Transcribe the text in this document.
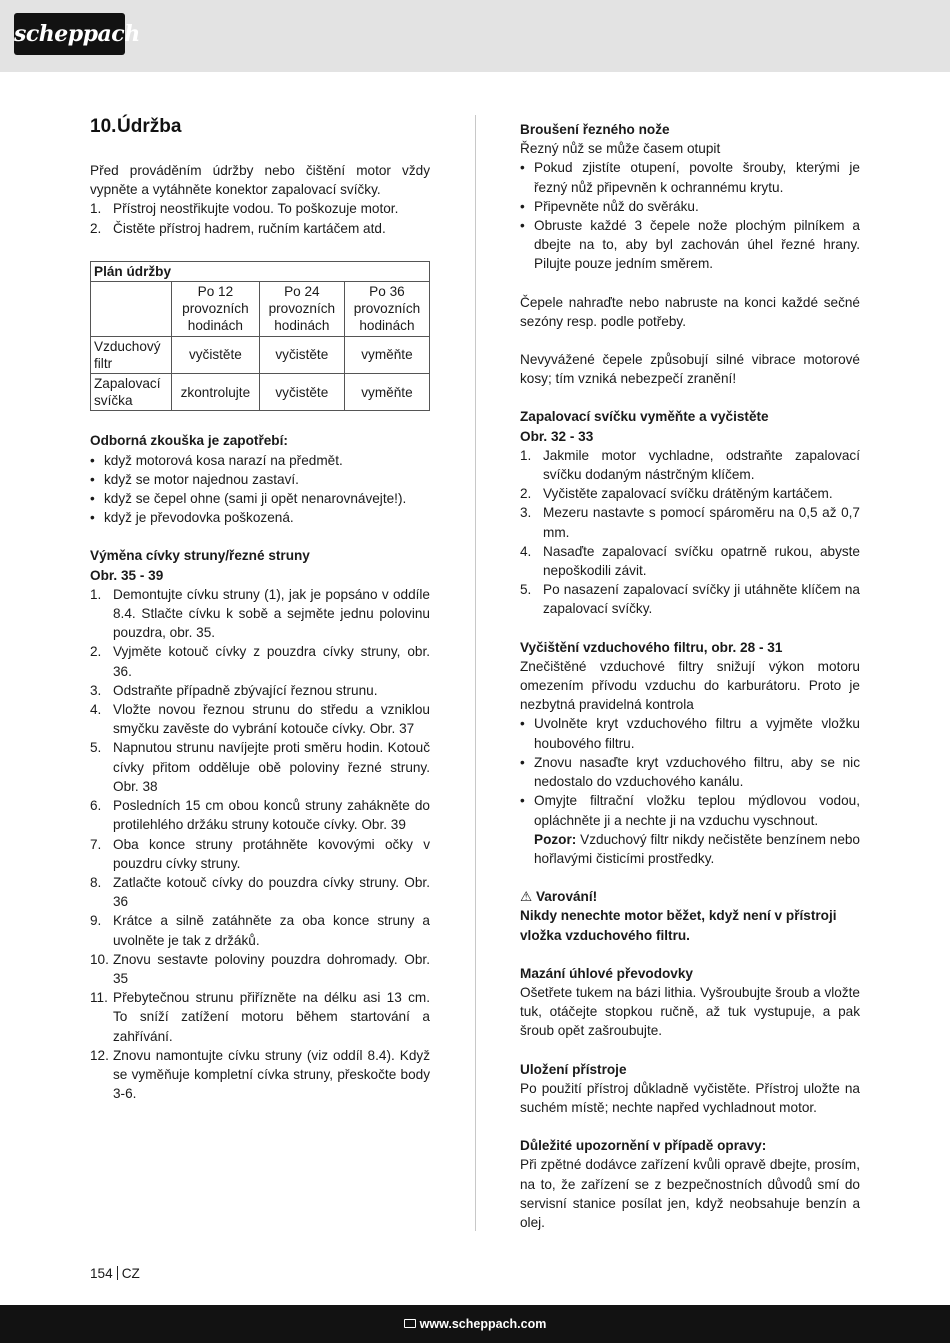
scheppach
10.Údržba

Před prováděním údržby nebo čištění motor vždy vypněte a vytáhněte konektor zapalovací svíčky.

1. Přístroj neostřikujte vodou. To poškozuje motor.
2. Čistěte přístroj hadrem, ručním kartáčem atd.
Plán údržby			
	Po 12 provozních hodinách	Po 24 provozních hodinách	Po 36 provozních hodinách
Vzduchový filtr	vyčistěte	vyčistěte	vyměňte
Zapalovací svíčka	zkontrolujte	vyčistěte	vyměňte

Odborná zkouška je zapotřebí:

• když motorová kosa narazí na předmět.
• když se motor najednou zastaví.
• když se čepel ohne (sami ji opět nenarovnávejte!).
• když je převodovka poškozená.

Výměna cívky struny/řezné struny

Obr. 35 - 39

1. Demontujte cívku struny (1), jak je popsáno v oddíle 8.4. Stlačte cívku k sobě a sejměte jednu polovinu pouzdra, obr. 35.
2. Vyjměte kotouč cívky z pouzdra cívky struny, obr. 36.
3. Odstraňte případně zbývající řeznou strunu.
4. Vložte novou řeznou strunu do středu a vzniklou smyčku zavěste do vybrání kotouče cívky. Obr. 37
5. Napnutou strunu navíjejte proti směru hodin. Kotouč cívky přitom odděluje obě poloviny řezné struny. Obr. 38
6. Posledních 15 cm obou konců struny zahákněte do protilehlého držáku struny kotouče cívky. Obr. 39
7. Oba konce struny protáhněte kovovými očky v pouzdru cívky struny.
8. Zatlačte kotouč cívky do pouzdra cívky struny. Obr. 36
9. Krátce a silně zatáhněte za oba konce struny a uvolněte je tak z držáků.
10. Znovu sestavte poloviny pouzdra dohromady. Obr. 35
11. Přebytečnou strunu přiřízněte na délku asi 13 cm. To sníží zatížení motoru během startování a zahřívání.
12. Znovu namontujte cívku struny (viz oddíl 8.4). Když se vyměňuje kompletní cívka struny, přeskočte body 3-6.

Broušení řezného nože

Řezný nůž se může časem otupit

• Pokud zjistíte otupení, povolte šrouby, kterými je řezný nůž připevněn k ochrannému krytu.
• Připevněte nůž do svěráku.
• Obruste každé 3 čepele nože plochým pilníkem a dbejte na to, aby byl zachován úhel řezné hrany. Pilujte pouze jedním směrem.

Čepele nahraďte nebo nabruste na konci každé sečné sezóny resp. podle potřeby.

Nevyvážené čepele způsobují silné vibrace motorové kosy; tím vzniká nebezpečí zranění!

Zapalovací svíčku vyměňte a vyčistěte

Obr. 32 - 33

1. Jakmile motor vychladne, odstraňte zapalovací svíčku dodaným nástrčným klíčem.
2. Vyčistěte zapalovací svíčku drátěným kartáčem.
3. Mezeru nastavte s pomocí spároměru na 0,5 až 0,7 mm.
4. Nasaďte zapalovací svíčku opatrně rukou, abyste nepoškodili závit.
5. Po nasazení zapalovací svíčky ji utáhněte klíčem na zapalovací svíčky.

Vyčištění vzduchového filtru, obr. 28 - 31

Znečištěné vzduchové filtry snižují výkon motoru omezením přívodu vzduchu do karburátoru. Proto je nezbytná pravidelná kontrola

• Uvolněte kryt vzduchového filtru a vyjměte vložku houbového filtru.
• Znovu nasaďte kryt vzduchového filtru, aby se nic nedostalo do vzduchového kanálu.
• Omyjte filtrační vložku teplou mýdlovou vodou, opláchněte ji a nechte ji na vzduchu vyschnout.
Pozor: Vzduchový filtr nikdy nečistěte benzínem nebo hořlavými čisticími prostředky.

⚠ Varování!

Nikdy nenechte motor běžet, když není v přístroji vložka vzduchového filtru.

Mazání úhlové převodovky

Ošetřete tukem na bázi lithia. Vyšroubujte šroub a vložte tuk, otáčejte stopkou ručně, až tuk vystupuje, a pak šroub opět zašroubujte.

Uložení přístroje

Po použití přístroj důkladně vyčistěte. Přístroj uložte na suchém místě; nechte napřed vychladnout motor.

Důležité upozornění v případě opravy:

Při zpětné dodávce zařízení kvůli opravě dbejte, prosím, na to, že zařízení se z bezpečnostních důvodů smí do servisní stanice posílat jen, když neobsahuje benzín a olej.

154 CZ
www.scheppach.com
